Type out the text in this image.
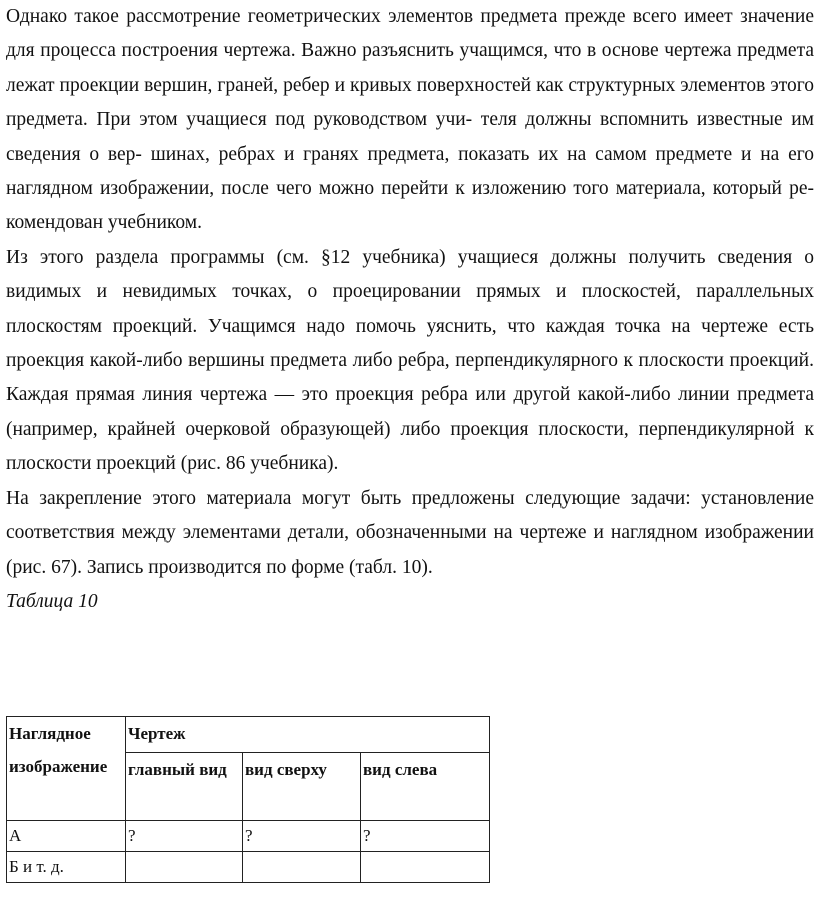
Однако такое рассмотрение геометрических элементов предмета прежде всего имеет значение для процесса построения чертежа. Важно разъяснить учащимся, что в основе чертежа предмета лежат проекции вершин, граней, ребер и кривых поверхностей как структурных элементов этого предмета. При этом учащиеся под руководством учи- теля должны вспомнить известные им сведения о вер- шинах, ребрах и гранях предмета, показать их на самом предмете и на его наглядном изображении, после чего можно перейти к изложению того материала, который ре- комендован учебником.

Из этого раздела программы (см. §12 учебника) учащиеся должны получить сведения о видимых и невидимых точках, о проецировании прямых и плоскостей, параллельных плоскостям проекций. Учащимся надо помочь уяснить, что каждая точка на чертеже есть проекция какой-либо вершины предмета либо ребра, перпендикулярного к плоскости проекций. Каждая прямая линия чертежа — это проекция ребра или другой какой-либо линии предмета (например, крайней очерковой образующей) либо проекция плоскости, перпендикулярной к плоскости проекций (рис. 86 учебника).

На закрепление этого материала могут быть предложены следующие задачи: установление соответствия между элементами детали, обозначенными на чертеже и наглядном изображении (рис. 67). Запись производится по форме (табл. 10).

Таблица 10

Наглядное изображение	Чертеж		
	главный вид	вид сверху	вид слева
А	?	?	?
Б и т. д.			
